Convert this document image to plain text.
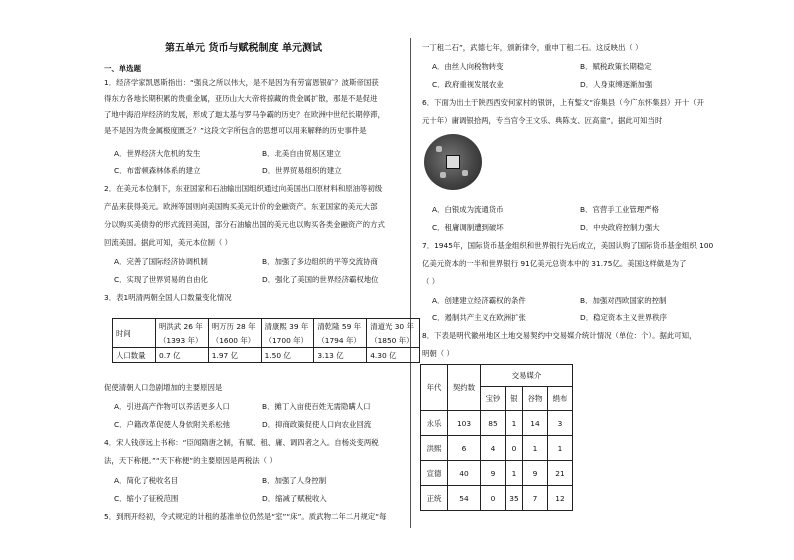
第五单元 货币与赋税制度 单元测试
一、单选题
1．经济学家凯恩斯指出：“强良之所以伟大，是不是因为有劳富恩银矿？波斯帝国获
得东方各地长期积累的贵重金属，亚历山大大帝将掠藏的贵金属扩散，那是不是促进
了地中海沿岸经济的发展，形成了迦太基与罗马争霸的历史？在欧洲中世纪长期停滞，
是不是因为贵金属极度匮乏？”这段文字所包含的思想可以用来解释的历史事件是
A．世界经济大危机的发生	B．北美自由贸易区建立
C．布雷顿森林体系的建立	D．世界贸易组织的建立
2．在美元本位制下，东亚国家和石油输出国组织通过向美国出口原材料和原油等初级
产品来获得美元。欧洲等国则向美国购买美元计价的金融资产。东亚国家的美元大部
分以购买美债券的形式流回美国，部分石油输出国的美元也以购买各类金融资产的方式
回流美国。据此可知，美元本位制（ ）
A．完善了国际经济协调机制	B．加强了多边组织的平等交流协商
C．实现了世界贸易的自由化	D．强化了美国的世界经济霸权地位
3．表1明清两朝全国人口数量变化情况
时间	明洪武 26 年	明万历 28 年	清康熙 39 年	清乾隆 59 年	清道光 30 年
	（1393 年）	（1600 年）	（1700 年）	（1794 年）	（1850 年）
人口数量	0.7 亿	1.97 亿	1.50 亿	3.13 亿	4.30 亿
促使清朝人口急剧增加的主要原因是
A．引进高产作物可以养活更多人口	B．摊丁入亩使百姓无需隐瞒人口
C．户籍改革促使人身依附关系松弛	D．抑商政策促使人口向农业回流
4．宋人钱彦远上书称：“臣闻隋唐之制，有赋、租、庸、调四者之入。自杨炎变两税
法，天下称便。”“天下称便”的主要原因是两税法（ ）
A．简化了税收名目	B．加强了人身控制
C．缩小了征税范围	D．缩减了赋税收入
5．到刑开经初，令式规定的计租的基准单位仍然是“室”“床”。质武物二年二月规定“每
一丁租二石”，武德七年，颁新律令，重申丁租二石。这反映出（ ）
A．由丝人向税物转变	B．赋税政策长期稳定
C．政府重视发展农业	D．人身束缚逐渐加强
6．下面为出土于陕西西安何家村的银饼，上有錾文“洊集县（今广东怀集县）开十（开
元十年）庸调银拾两，专当官令王文乐、典陈支、匠高童”。据此可知当时
A．白银成为流通货币	B．官营手工业管理严格
C．租庸调制遭到破坏	D．中央政府控制力强大
7．1945年，国际货币基金组织和世界银行先后成立，美国认购了国际货币基金组织 100
亿美元资本的一半和世界银行 91亿美元总资本中的 31.75亿。美国这样做是为了
（ ）
A．创建建立经济霸权的条件	B．加强对西欧国家的控制
C．遏制共产主义在欧洲扩张	D．稳定资本主义世界秩序
8．下表是明代徽州地区土地交易契约中交易媒介统计情况（单位：个）。据此可知，
明朝（ ）
年代	契约数	交易媒介			
		宝钞	银	谷物	绢布
永乐	103	85	1	14	3
洪熙	6	4	0	1	1
宣德	40	9	1	9	21
正统	54	0	35	7	12
